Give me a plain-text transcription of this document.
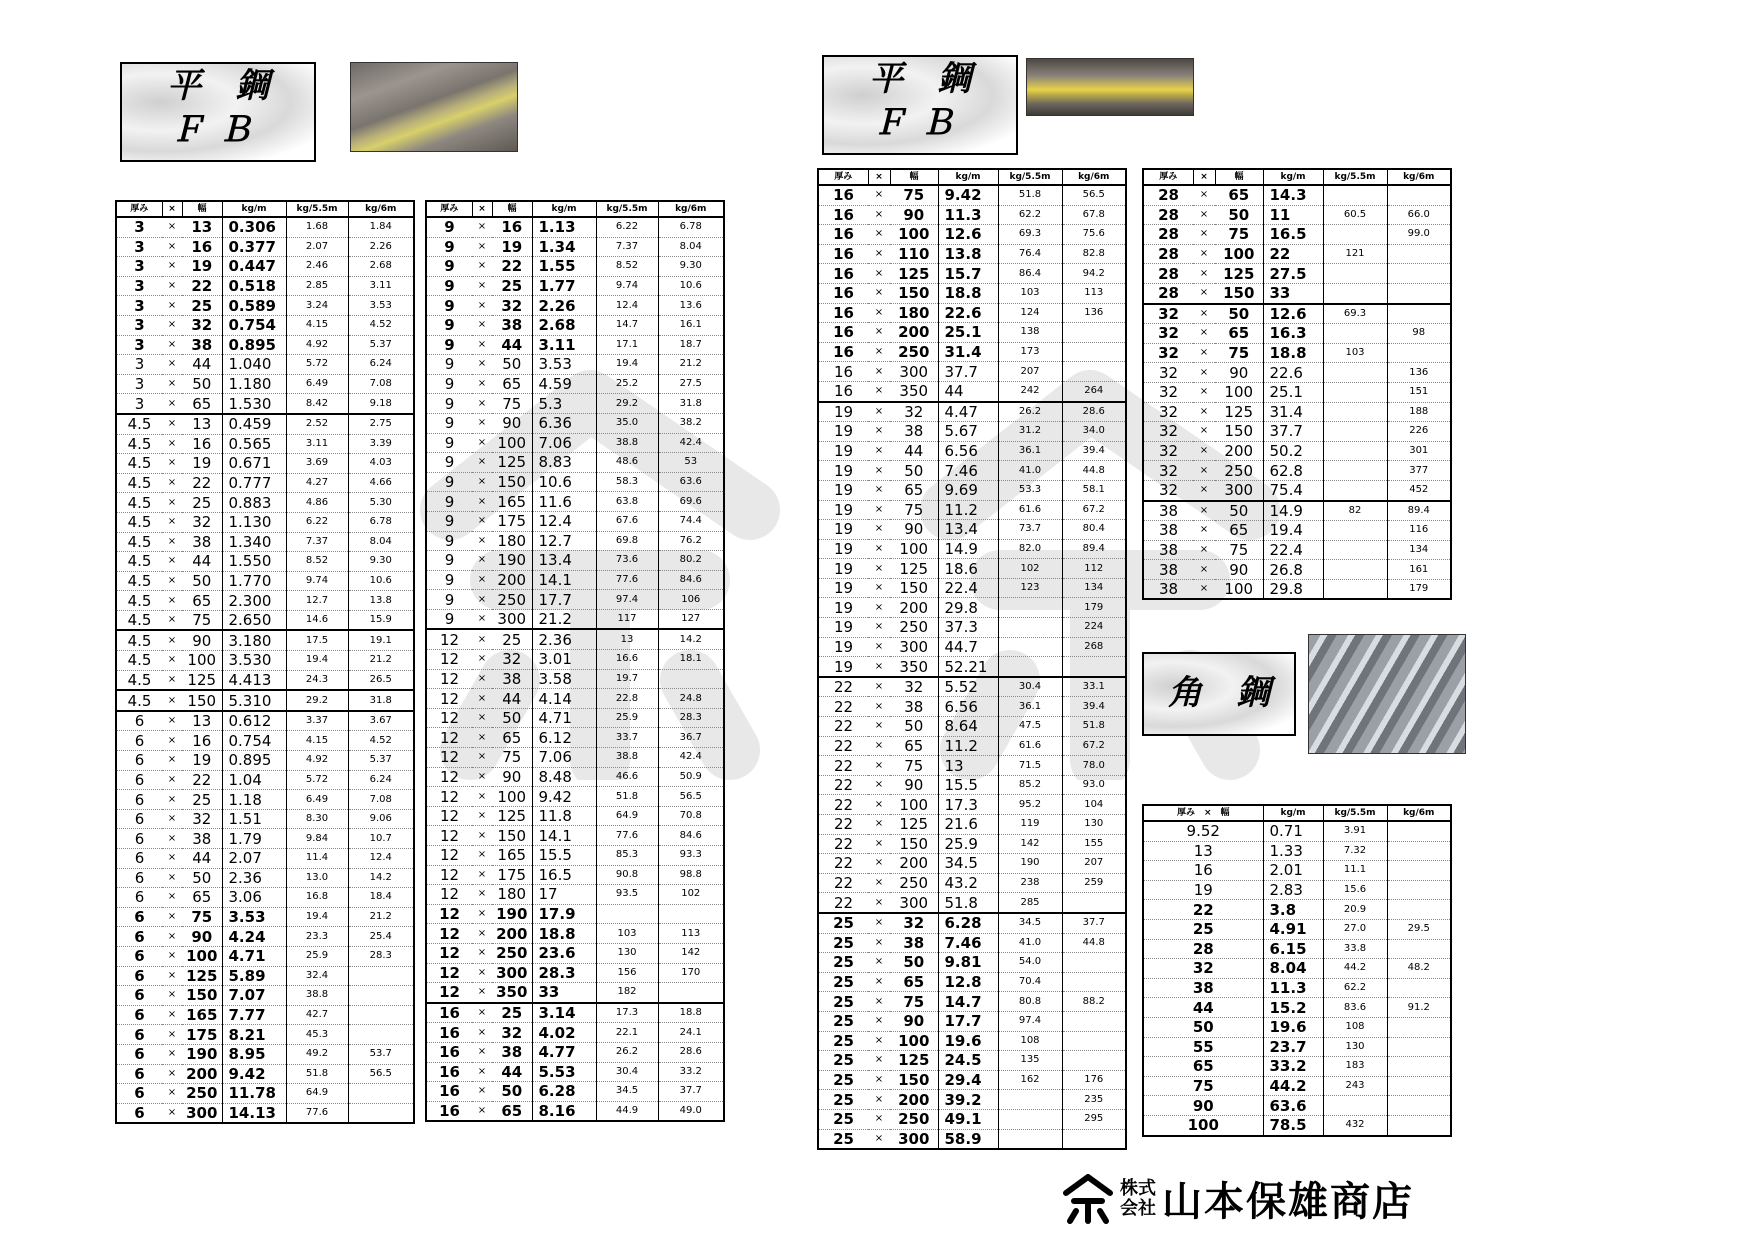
平　鋼
ＦＢ
平　鋼
ＦＢ
角　鋼
厚み	×	幅	kg/m	kg/5.5m	kg/6m
3	×	13	0.306	1.68	1.84
3	×	16	0.377	2.07	2.26
3	×	19	0.447	2.46	2.68
3	×	22	0.518	2.85	3.11
3	×	25	0.589	3.24	3.53
3	×	32	0.754	4.15	4.52
3	×	38	0.895	4.92	5.37
3	×	44	1.040	5.72	6.24
3	×	50	1.180	6.49	7.08
3	×	65	1.530	8.42	9.18
4.5	×	13	0.459	2.52	2.75
4.5	×	16	0.565	3.11	3.39
4.5	×	19	0.671	3.69	4.03
4.5	×	22	0.777	4.27	4.66
4.5	×	25	0.883	4.86	5.30
4.5	×	32	1.130	6.22	6.78
4.5	×	38	1.340	7.37	8.04
4.5	×	44	1.550	8.52	9.30
4.5	×	50	1.770	9.74	10.6
4.5	×	65	2.300	12.7	13.8
4.5	×	75	2.650	14.6	15.9
4.5	×	90	3.180	17.5	19.1
4.5	×	100	3.530	19.4	21.2
4.5	×	125	4.413	24.3	26.5
4.5	×	150	5.310	29.2	31.8
6	×	13	0.612	3.37	3.67
6	×	16	0.754	4.15	4.52
6	×	19	0.895	4.92	5.37
6	×	22	1.04	5.72	6.24
6	×	25	1.18	6.49	7.08
6	×	32	1.51	8.30	9.06
6	×	38	1.79	9.84	10.7
6	×	44	2.07	11.4	12.4
6	×	50	2.36	13.0	14.2
6	×	65	3.06	16.8	18.4
6	×	75	3.53	19.4	21.2
6	×	90	4.24	23.3	25.4
6	×	100	4.71	25.9	28.3
6	×	125	5.89	32.4	
6	×	150	7.07	38.8	
6	×	165	7.77	42.7	
6	×	175	8.21	45.3	
6	×	190	8.95	49.2	53.7
6	×	200	9.42	51.8	56.5
6	×	250	11.78	64.9	
6	×	300	14.13	77.6	
厚み	×	幅	kg/m	kg/5.5m	kg/6m
9	×	16	1.13	6.22	6.78
9	×	19	1.34	7.37	8.04
9	×	22	1.55	8.52	9.30
9	×	25	1.77	9.74	10.6
9	×	32	2.26	12.4	13.6
9	×	38	2.68	14.7	16.1
9	×	44	3.11	17.1	18.7
9	×	50	3.53	19.4	21.2
9	×	65	4.59	25.2	27.5
9	×	75	5.3	29.2	31.8
9	×	90	6.36	35.0	38.2
9	×	100	7.06	38.8	42.4
9	×	125	8.83	48.6	53
9	×	150	10.6	58.3	63.6
9	×	165	11.6	63.8	69.6
9	×	175	12.4	67.6	74.4
9	×	180	12.7	69.8	76.2
9	×	190	13.4	73.6	80.2
9	×	200	14.1	77.6	84.6
9	×	250	17.7	97.4	106
9	×	300	21.2	117	127
12	×	25	2.36	13	14.2
12	×	32	3.01	16.6	18.1
12	×	38	3.58	19.7	
12	×	44	4.14	22.8	24.8
12	×	50	4.71	25.9	28.3
12	×	65	6.12	33.7	36.7
12	×	75	7.06	38.8	42.4
12	×	90	8.48	46.6	50.9
12	×	100	9.42	51.8	56.5
12	×	125	11.8	64.9	70.8
12	×	150	14.1	77.6	84.6
12	×	165	15.5	85.3	93.3
12	×	175	16.5	90.8	98.8
12	×	180	17	93.5	102
12	×	190	17.9		
12	×	200	18.8	103	113
12	×	250	23.6	130	142
12	×	300	28.3	156	170
12	×	350	33	182	
16	×	25	3.14	17.3	18.8
16	×	32	4.02	22.1	24.1
16	×	38	4.77	26.2	28.6
16	×	44	5.53	30.4	33.2
16	×	50	6.28	34.5	37.7
16	×	65	8.16	44.9	49.0
厚み	×	幅	kg/m	kg/5.5m	kg/6m
16	×	75	9.42	51.8	56.5
16	×	90	11.3	62.2	67.8
16	×	100	12.6	69.3	75.6
16	×	110	13.8	76.4	82.8
16	×	125	15.7	86.4	94.2
16	×	150	18.8	103	113
16	×	180	22.6	124	136
16	×	200	25.1	138	
16	×	250	31.4	173	
16	×	300	37.7	207	
16	×	350	44	242	264
19	×	32	4.47	26.2	28.6
19	×	38	5.67	31.2	34.0
19	×	44	6.56	36.1	39.4
19	×	50	7.46	41.0	44.8
19	×	65	9.69	53.3	58.1
19	×	75	11.2	61.6	67.2
19	×	90	13.4	73.7	80.4
19	×	100	14.9	82.0	89.4
19	×	125	18.6	102	112
19	×	150	22.4	123	134
19	×	200	29.8		179
19	×	250	37.3		224
19	×	300	44.7		268
19	×	350	52.21		
22	×	32	5.52	30.4	33.1
22	×	38	6.56	36.1	39.4
22	×	50	8.64	47.5	51.8
22	×	65	11.2	61.6	67.2
22	×	75	13	71.5	78.0
22	×	90	15.5	85.2	93.0
22	×	100	17.3	95.2	104
22	×	125	21.6	119	130
22	×	150	25.9	142	155
22	×	200	34.5	190	207
22	×	250	43.2	238	259
22	×	300	51.8	285	
25	×	32	6.28	34.5	37.7
25	×	38	7.46	41.0	44.8
25	×	50	9.81	54.0	
25	×	65	12.8	70.4	
25	×	75	14.7	80.8	88.2
25	×	90	17.7	97.4	
25	×	100	19.6	108	
25	×	125	24.5	135	
25	×	150	29.4	162	176
25	×	200	39.2		235
25	×	250	49.1		295
25	×	300	58.9		
厚み	×	幅	kg/m	kg/5.5m	kg/6m
28	×	65	14.3		
28	×	50	11	60.5	66.0
28	×	75	16.5		99.0
28	×	100	22	121	
28	×	125	27.5		
28	×	150	33		
32	×	50	12.6	69.3	
32	×	65	16.3		98
32	×	75	18.8	103	
32	×	90	22.6		136
32	×	100	25.1		151
32	×	125	31.4		188
32	×	150	37.7		226
32	×	200	50.2		301
32	×	250	62.8		377
32	×	300	75.4		452
38	×	50	14.9	82	89.4
38	×	65	19.4		116
38	×	75	22.4		134
38	×	90	26.8		161
38	×	100	29.8		179
厚み　 ×　 幅	kg/m	kg/5.5m	kg/6m
9.52	0.71	3.91	
13	1.33	7.32	
16	2.01	11.1	
19	2.83	15.6	
22	3.8	20.9	
25	4.91	27.0	29.5
28	6.15	33.8	
32	8.04	44.2	48.2
38	11.3	62.2	
44	15.2	83.6	91.2
50	19.6	108	
55	23.7	130	
65	33.2	183	
75	44.2	243	
90	63.6		
100	78.5	432	
株式
会社 山本保雄商店
